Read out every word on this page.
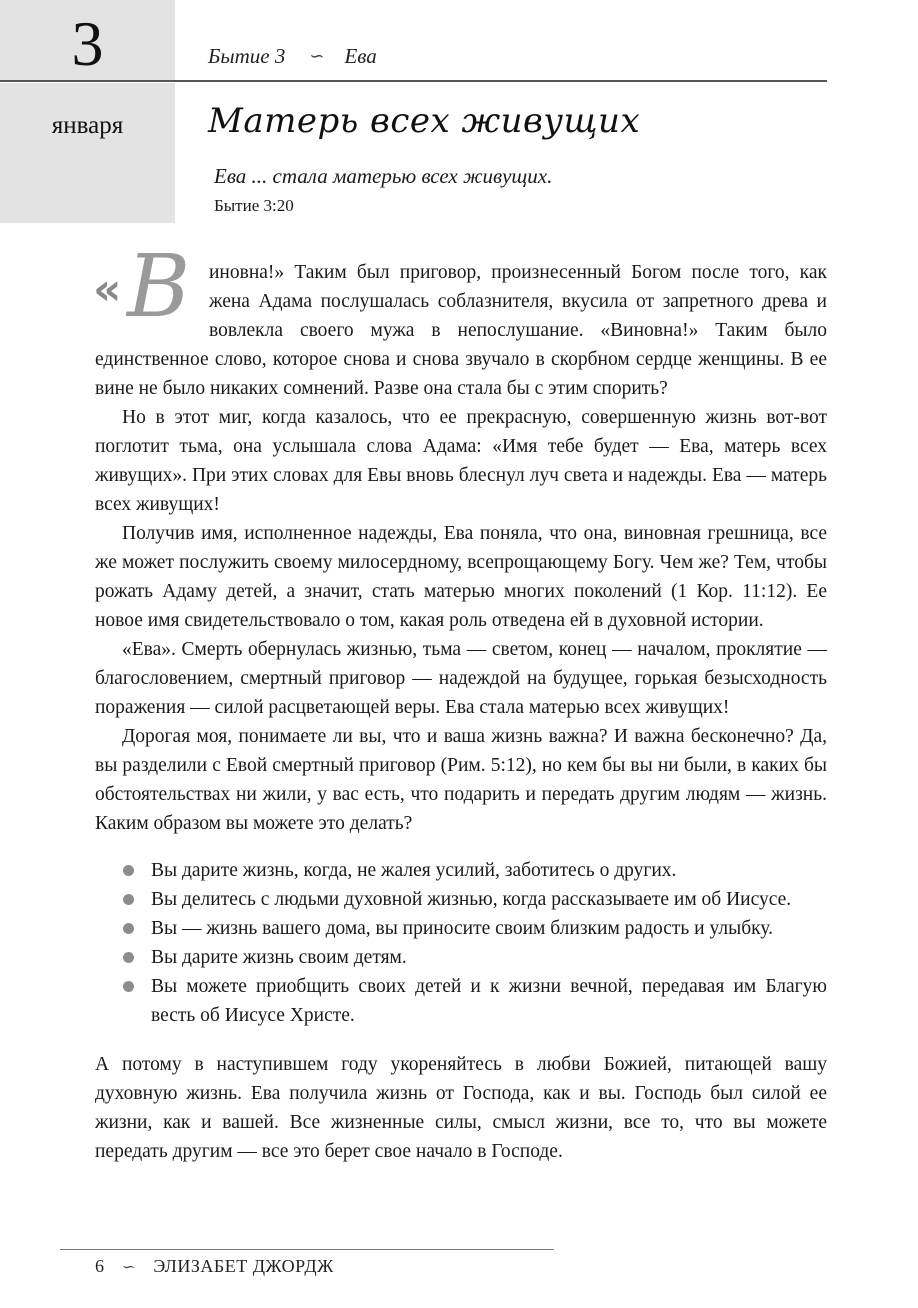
3
января
Бытие 3 ∽ Ева
Матерь всех живущих
Ева ... стала матерью всех живущих.
Бытие 3:20

« В иновна!» Таким был приговор, произнесенный Богом после того, как жена Адама послушалась соблазнителя, вкусила от запретного древа и вовлекла своего мужа в непослушание. «Виновна!» Таким было единственное слово, которое снова и снова звучало в скорбном сердце женщины. В ее вине не было никаких сомнений. Разве она стала бы с этим спорить?

Но в этот миг, когда казалось, что ее прекрасную, совершенную жизнь вот-вот поглотит тьма, она услышала слова Адама: «Имя тебе будет — Ева, матерь всех живущих». При этих словах для Евы вновь блеснул луч света и надежды. Ева — матерь всех живущих!

Получив имя, исполненное надежды, Ева поняла, что она, виновная грешница, все же может послужить своему милосердному, всепрощающему Богу. Чем же? Тем, чтобы рожать Адаму детей, а значит, стать матерью многих поколений (1 Кор. 11:12). Ее новое имя свидетельствовало о том, какая роль отведена ей в духовной истории.

«Ева». Смерть обернулась жизнью, тьма — светом, конец — началом, проклятие — благословением, смертный приговор — надеждой на будущее, горькая безысходность поражения — силой расцветающей веры. Ева стала матерью всех живущих!

Дорогая моя, понимаете ли вы, что и ваша жизнь важна? И важна бесконечно? Да, вы разделили с Евой смертный приговор (Рим. 5:12), но кем бы вы ни были, в каких бы обстоятельствах ни жили, у вас есть, что подарить и передать другим людям — жизнь. Каким образом вы можете это делать?

Вы дарите жизнь, когда, не жалея усилий, заботитесь о других.
Вы делитесь с людьми духовной жизнью, когда рассказываете им об Иисусе.
Вы — жизнь вашего дома, вы приносите своим близким радость и улыбку.
Вы дарите жизнь своим детям.
Вы можете приобщить своих детей и к жизни вечной, передавая им Благую весть об Иисусе Христе.

А потому в наступившем году укореняйтесь в любви Божией, питающей вашу духовную жизнь. Ева получила жизнь от Господа, как и вы. Господь был силой ее жизни, как и вашей. Все жизненные силы, смысл жизни, все то, что вы можете передать другим — все это берет свое начало в Господе.

6 ∽ ЭЛИЗАБЕТ ДЖОРДЖ
